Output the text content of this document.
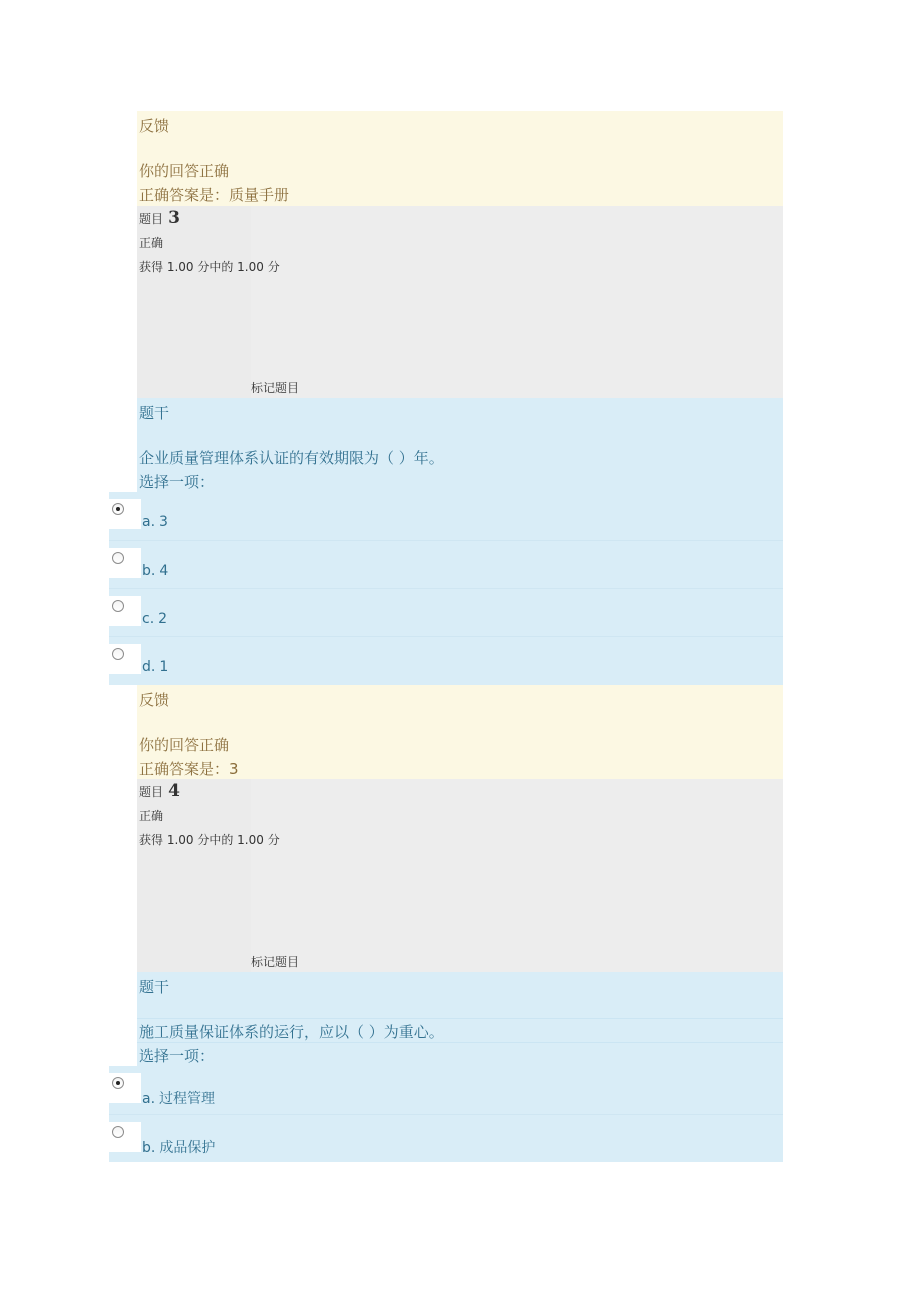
反馈
你的回答正确
正确答案是：质量手册
题目 3
正确
获得 1.00 分中的 1.00 分
标记题目
题干
企业质量管理体系认证的有效期限为（ ）年。
选择一项：
a. 3
b. 4
c. 2
d. 1
反馈
你的回答正确
正确答案是：3
题目 4
正确
获得 1.00 分中的 1.00 分
标记题目
题干
施工质量保证体系的运行，应以（ ）为重心。
选择一项：
a. 过程管理
b. 成品保护
